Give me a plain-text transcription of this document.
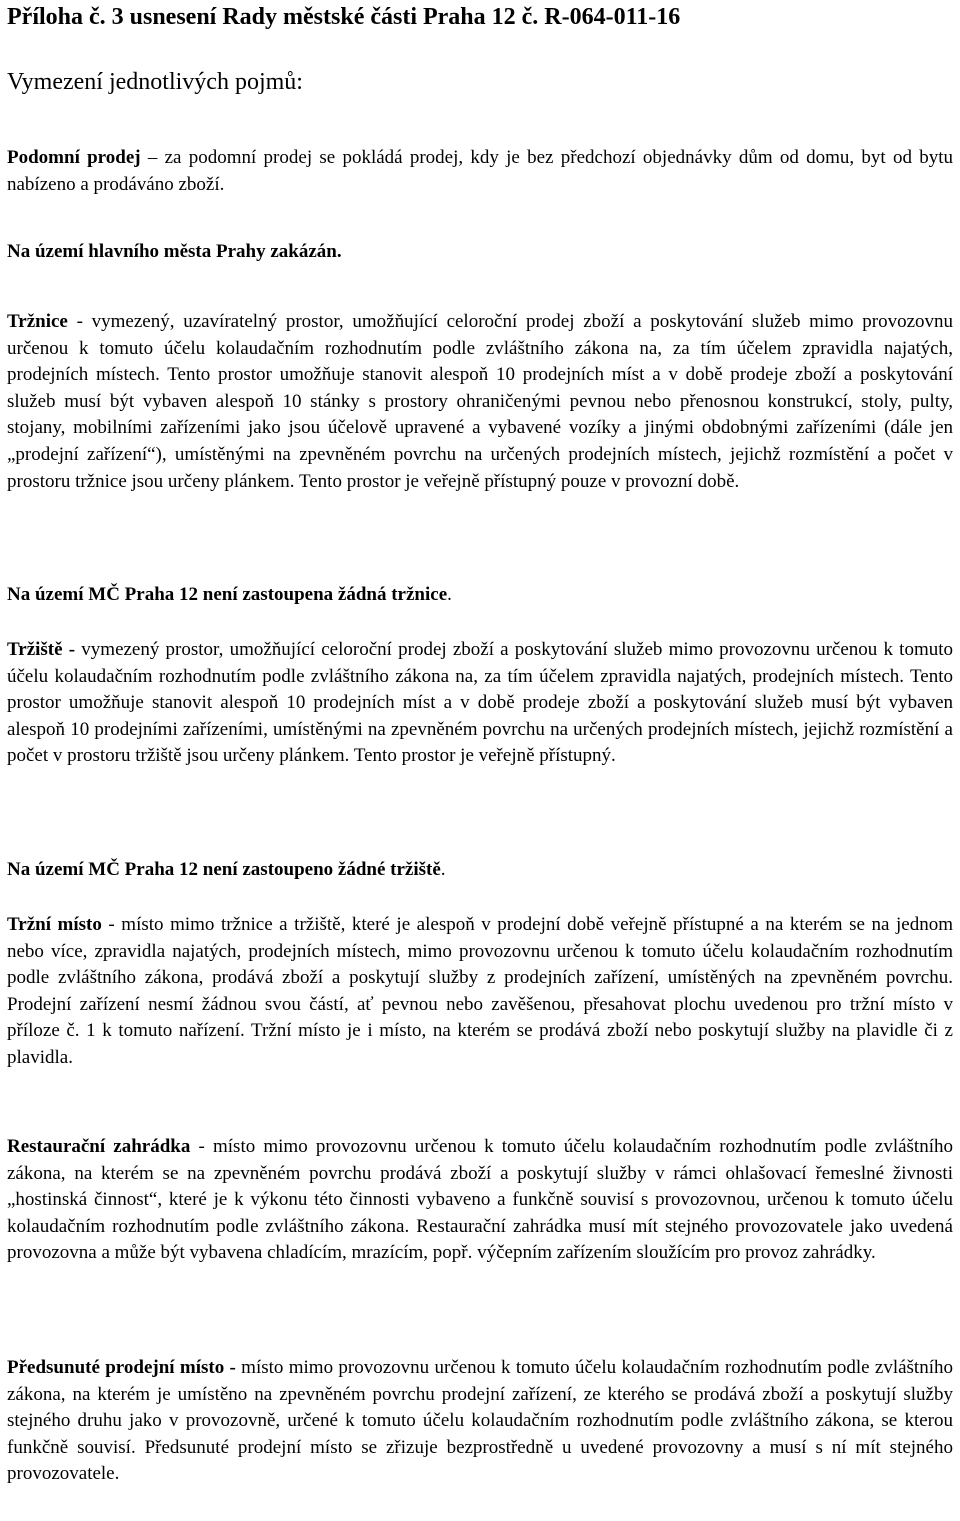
Příloha č. 3 usnesení Rady městské části Praha 12 č. R-064-011-16
Vymezení jednotlivých pojmů:

Podomní prodej – za podomní prodej se pokládá prodej, kdy je bez předchozí objednávky dům od domu, byt od bytu nabízeno a prodáváno zboží.

Na území hlavního města Prahy zakázán.

Tržnice - vymezený, uzavíratelný prostor, umožňující celoroční prodej zboží a poskytování služeb mimo provozovnu určenou k tomuto účelu kolaudačním rozhodnutím podle zvláštního zákona na, za tím účelem zpravidla najatých, prodejních místech. Tento prostor umožňuje stanovit alespoň 10 prodejních míst a v době prodeje zboží a poskytování služeb musí být vybaven alespoň 10 stánky s prostory ohraničenými pevnou nebo přenosnou konstrukcí, stoly, pulty, stojany, mobilními zařízeními jako jsou účelově upravené a vybavené vozíky a jinými obdobnými zařízeními (dále jen „prodejní zařízení“), umístěnými na zpevněném povrchu na určených prodejních místech, jejichž rozmístění a počet v prostoru tržnice jsou určeny plánkem. Tento prostor je veřejně přístupný pouze v provozní době.

Na území MČ Praha 12 není zastoupena žádná tržnice.

Tržiště - vymezený prostor, umožňující celoroční prodej zboží a poskytování služeb mimo provozovnu určenou k tomuto účelu kolaudačním rozhodnutím podle zvláštního zákona na, za tím účelem zpravidla najatých, prodejních místech. Tento prostor umožňuje stanovit alespoň 10 prodejních míst a v době prodeje zboží a poskytování služeb musí být vybaven alespoň 10 prodejními zařízeními, umístěnými na zpevněném povrchu na určených prodejních místech, jejichž rozmístění a počet v prostoru tržiště jsou určeny plánkem. Tento prostor je veřejně přístupný.

Na území MČ Praha 12 není zastoupeno žádné tržiště.

Tržní místo - místo mimo tržnice a tržiště, které je alespoň v prodejní době veřejně přístupné a na kterém se na jednom nebo více, zpravidla najatých, prodejních místech, mimo provozovnu určenou k tomuto účelu kolaudačním rozhodnutím podle zvláštního zákona, prodává zboží a poskytují služby z prodejních zařízení, umístěných na zpevněném povrchu. Prodejní zařízení nesmí žádnou svou částí, ať pevnou nebo zavěšenou, přesahovat plochu uvedenou pro tržní místo v příloze č. 1 k tomuto nařízení. Tržní místo je i místo, na kterém se prodává zboží nebo poskytují služby na plavidle či z plavidla.

Restaurační zahrádka - místo mimo provozovnu určenou k tomuto účelu kolaudačním rozhodnutím podle zvláštního zákona, na kterém se na zpevněném povrchu prodává zboží a poskytují služby v rámci ohlašovací řemeslné živnosti „hostinská činnost“, které je k výkonu této činnosti vybaveno a funkčně souvisí s provozovnou, určenou k tomuto účelu kolaudačním rozhodnutím podle zvláštního zákona. Restaurační zahrádka musí mít stejného provozovatele jako uvedená provozovna a může být vybavena chladícím, mrazícím, popř. výčepním zařízením sloužícím pro provoz zahrádky.

Předsunuté prodejní místo - místo mimo provozovnu určenou k tomuto účelu kolaudačním rozhodnutím podle zvláštního zákona, na kterém je umístěno na zpevněném povrchu prodejní zařízení, ze kterého se prodává zboží a poskytují služby stejného druhu jako v provozovně, určené k tomuto účelu kolaudačním rozhodnutím podle zvláštního zákona, se kterou funkčně souvisí. Předsunuté prodejní místo se zřizuje bezprostředně u uvedené provozovny a musí s ní mít stejného provozovatele.
